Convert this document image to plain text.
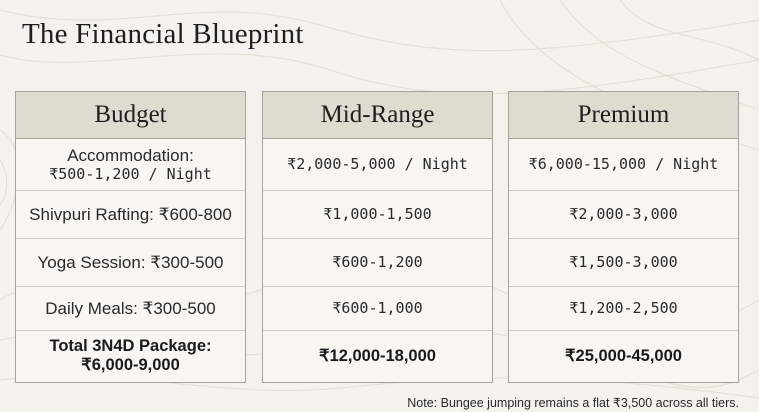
The Financial Blueprint
Budget
Accommodation:
₹500-1,200 / Night
Shivpuri Rafting: ₹600-800
Yoga Session: ₹300-500
Daily Meals: ₹300-500
Total 3N4D Package:
₹6,000-9,000
Mid-Range
₹2,000-5,000 / Night
₹1,000-1,500
₹600-1,200
₹600-1,000
₹12,000-18,000
Premium
₹6,000-15,000 / Night
₹2,000-3,000
₹1,500-3,000
₹1,200-2,500
₹25,000-45,000
Note: Bungee jumping remains a flat ₹3,500 across all tiers.
